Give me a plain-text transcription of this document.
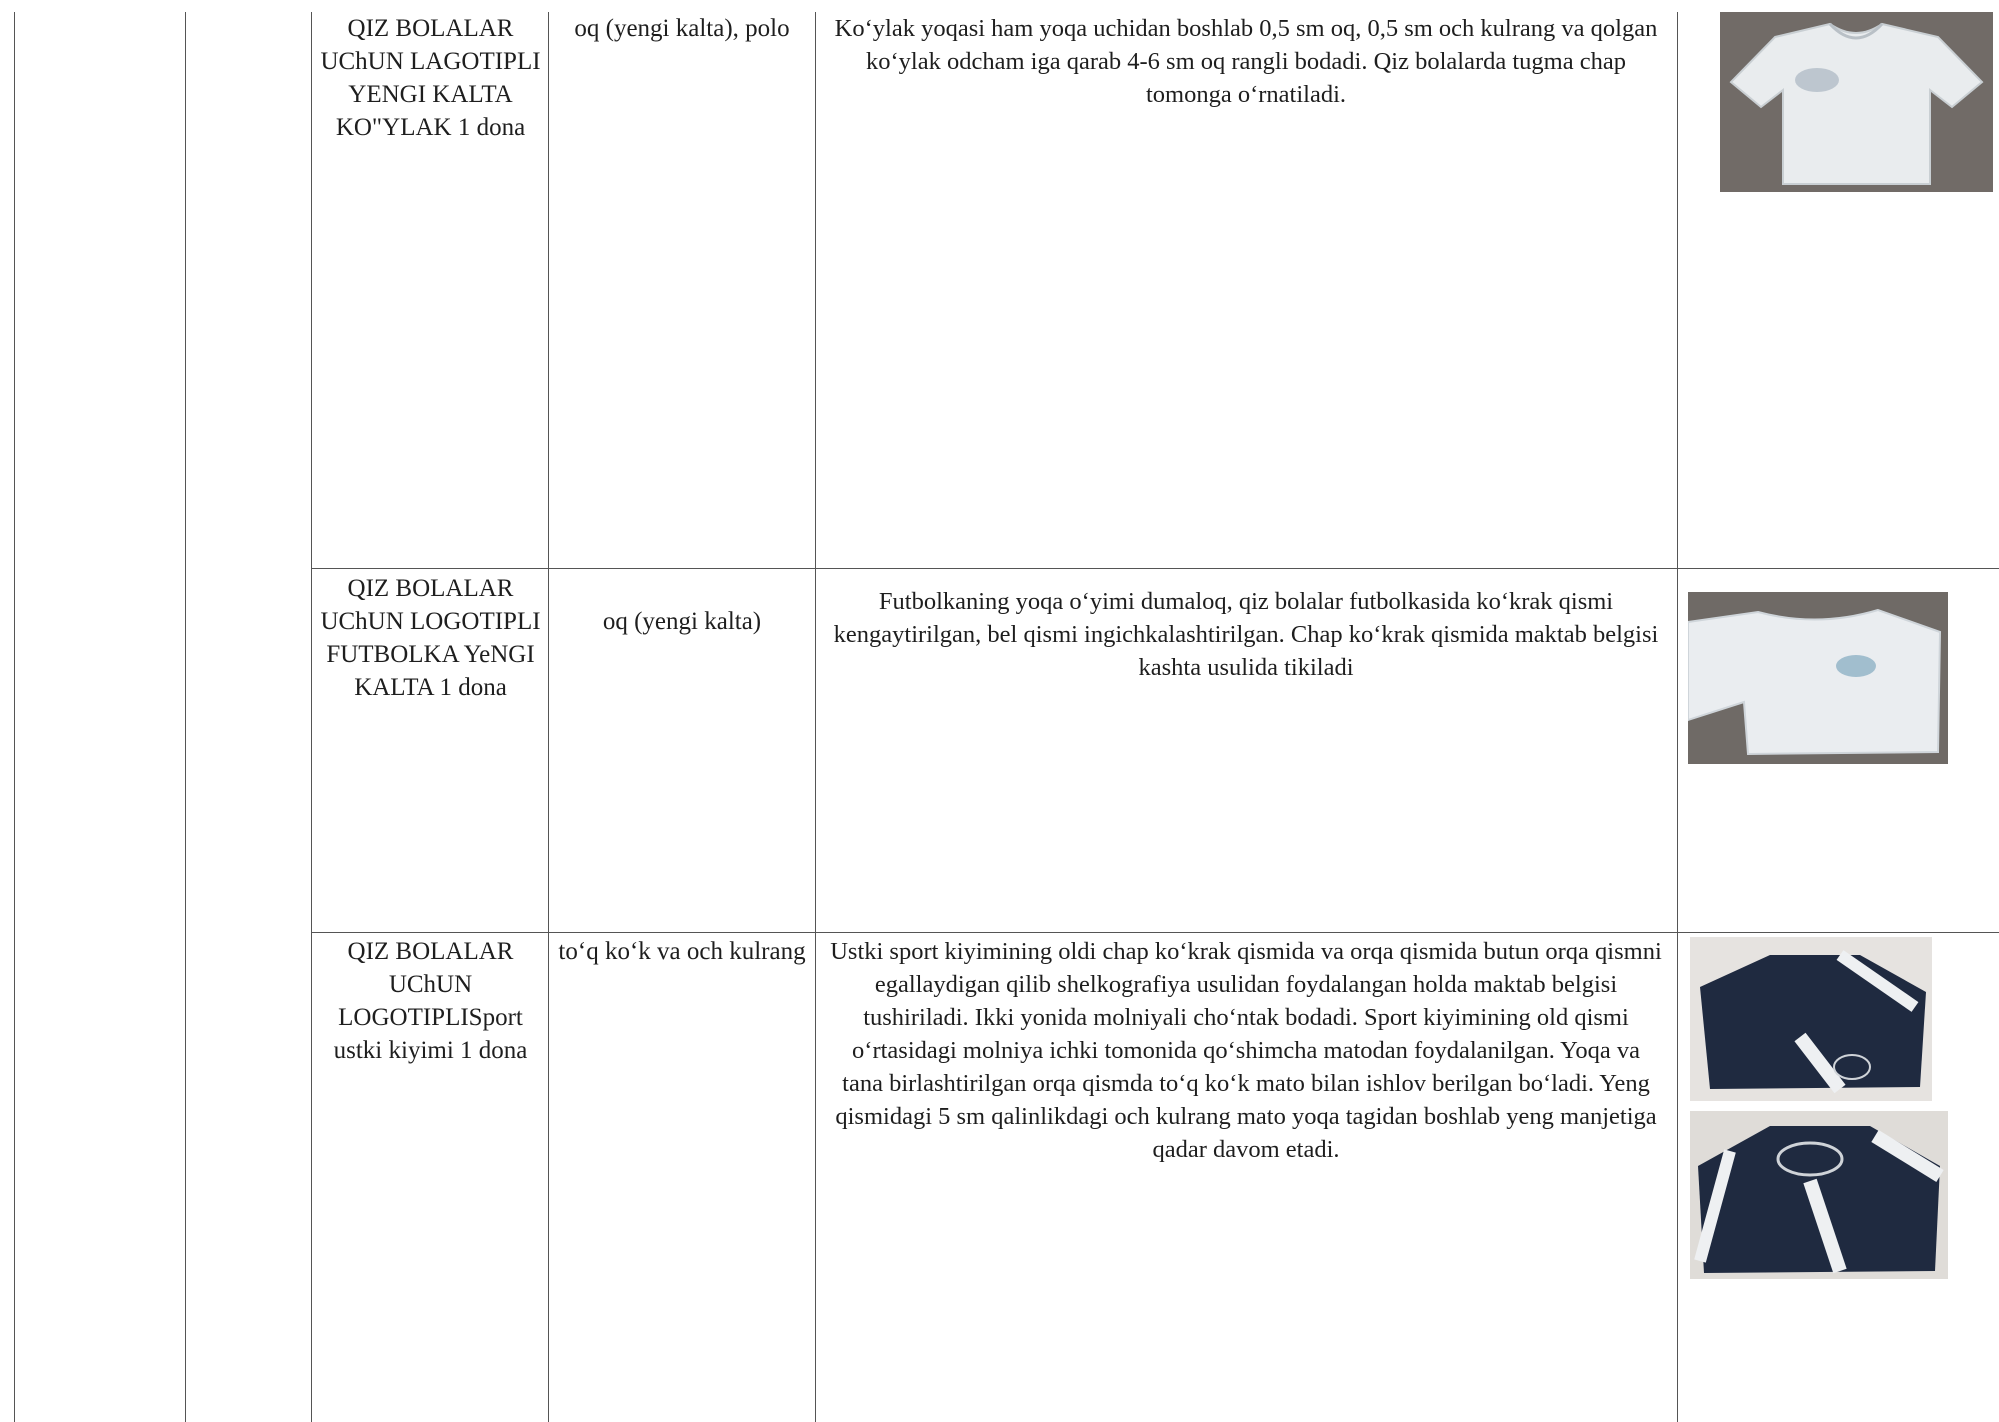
QIZ BOLALAR UChUN LAGOTIPLI YENGI KALTA KO"YLAK 1 dona
oq (yengi kalta), polo	Ko‘ylak yoqasi ham yoqa uchidan boshlab 0,5 sm oq, 0,5 sm och kulrang va qolgan ko‘ylak odcham iga qarab 4-6 sm oq rangli bodadi. Qiz bolalarda tugma chap tomonga o‘rnatiladi.
QIZ BOLALAR UChUN LOGOTIPLI FUTBOLKA YeNGI KALTA 1 dona
oq (yengi kalta)
Futbolkaning yoqa o‘yimi dumaloq, qiz bolalar futbolkasida ko‘krak qismi kengaytirilgan, bel qismi ingichkalashtirilgan. Chap ko‘krak qismida maktab belgisi kashta usulida tikiladi
QIZ BOLALAR UChUN LOGOTIPLISport ustki kiyimi 1 dona
to‘q ko‘k va och kulrang	Ustki sport kiyimining oldi chap ko‘krak qismida va orqa qismida butun orqa qismni egallaydigan qilib shelkografiya usulidan foydalangan holda maktab belgisi tushiriladi. Ikki yonida molniyali cho‘ntak bodadi. Sport kiyimining old qismi o‘rtasidagi molniya ichki tomonida qo‘shimcha matodan foydalanilgan. Yoqa va tana birlashtirilgan orqa qismda to‘q ko‘k mato bilan ishlov berilgan bo‘ladi. Yeng qismidagi 5 sm qalinlikdagi och kulrang mato yoqa tagidan boshlab yeng manjetiga qadar davom etadi.
